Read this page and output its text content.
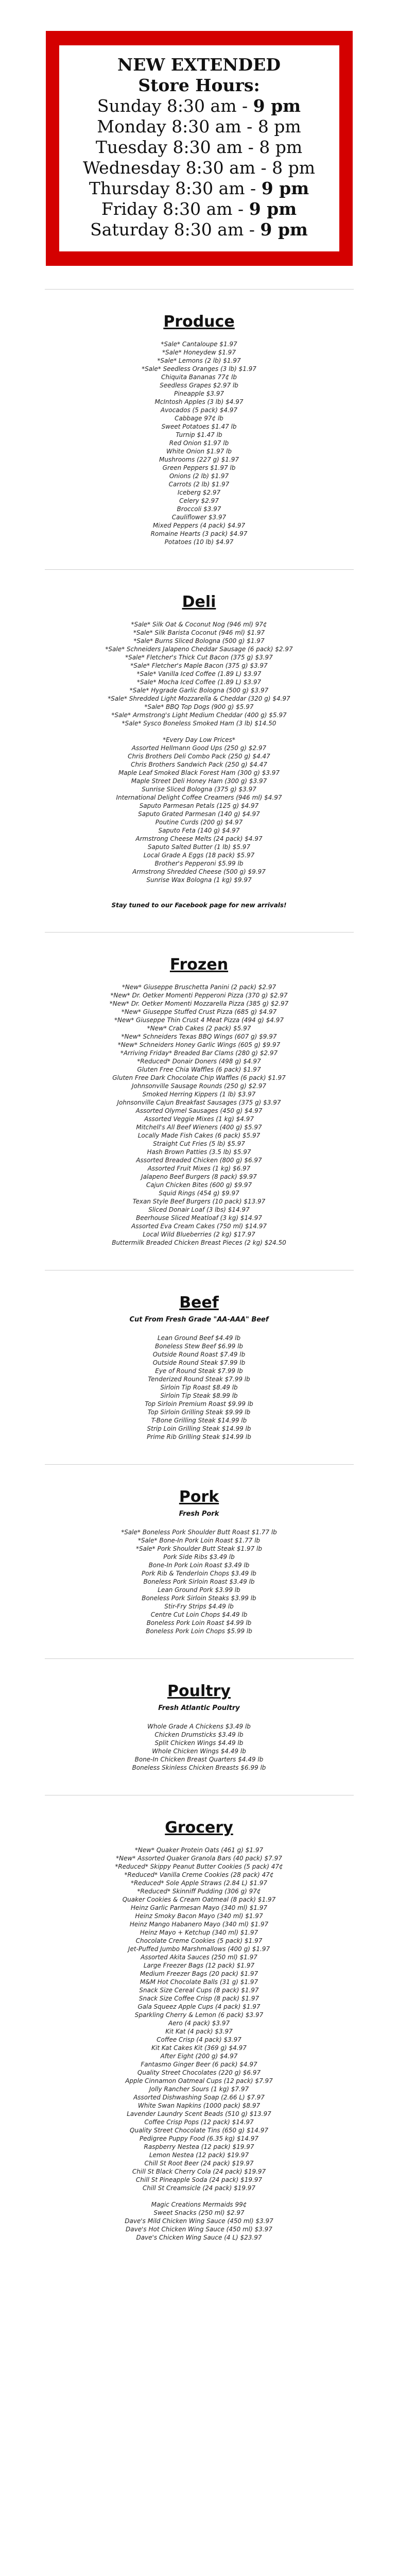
NEW EXTENDED
Store Hours:
Sunday 8:30 am - 9 pm
Monday 8:30 am - 8 pm
Tuesday 8:30 am - 8 pm
Wednesday 8:30 am - 8 pm
Thursday 8:30 am - 9 pm
Friday 8:30 am - 9 pm
Saturday 8:30 am - 9 pm
Produce
*Sale* Cantaloupe $1.97
*Sale* Honeydew $1.97
*Sale* Lemons (2 lb) $1.97
*Sale* Seedless Oranges (3 lb) $1.97
Chiquita Bananas 77¢ lb
Seedless Grapes $2.97 lb
Pineapple $3.97
McIntosh Apples (3 lb) $4.97
Avocados (5 pack) $4.97
Cabbage 97¢ lb
Sweet Potatoes $1.47 lb
Turnip $1.47 lb
Red Onion $1.97 lb
White Onion $1.97 lb
Mushrooms (227 g) $1.97
Green Peppers $1.97 lb
Onions (2 lb) $1.97
Carrots (2 lb) $1.97
Iceberg $2.97
Celery $2.97
Broccoli $3.97
Cauliflower $3.97
Mixed Peppers (4 pack) $4.97
Romaine Hearts (3 pack) $4.97
Potatoes (10 lb) $4.97
Deli
*Sale* Silk Oat & Coconut Nog (946 ml) 97¢
*Sale* Silk Barista Coconut (946 ml) $1.97
*Sale* Burns Sliced Bologna (500 g) $1.97
*Sale* Schneiders Jalapeno Cheddar Sausage (6 pack) $2.97
*Sale* Fletcher's Thick Cut Bacon (375 g) $3.97
*Sale* Fletcher's Maple Bacon (375 g) $3.97
*Sale* Vanilla Iced Coffee (1.89 L) $3.97
*Sale* Mocha Iced Coffee (1.89 L) $3.97
*Sale* Hygrade Garlic Bologna (500 g) $3.97
*Sale* Shredded Light Mozzarella & Cheddar (320 g) $4.97
*Sale* BBQ Top Dogs (900 g) $5.97
*Sale* Armstrong's Light Medium Cheddar (400 g) $5.97
*Sale* Sysco Boneless Smoked Ham (3 lb) $14.50
*Every Day Low Prices*
Assorted Hellmann Good Ups (250 g) $2.97
Chris Brothers Deli Combo Pack (250 g) $4.47
Chris Brothers Sandwich Pack (250 g) $4.47
Maple Leaf Smoked Black Forest Ham (300 g) $3.97
Maple Street Deli Honey Ham (300 g) $3.97
Sunrise Sliced Bologna (375 g) $3.97
International Delight Coffee Creamers (946 ml) $4.97
Saputo Parmesan Petals (125 g) $4.97
Saputo Grated Parmesan (140 g) $4.97
Poutine Curds (200 g) $4.97
Saputo Feta (140 g) $4.97
Armstrong Cheese Melts (24 pack) $4.97
Saputo Salted Butter (1 lb) $5.97
Local Grade A Eggs (18 pack) $5.97
Brother's Pepperoni $5.99 lb
Armstrong Shredded Cheese (500 g) $9.97
Sunrise Wax Bologna (1 kg) $9.97
Stay tuned to our Facebook page for new arrivals!
Frozen
*New* Giuseppe Bruschetta Panini (2 pack) $2.97
*New* Dr. Oetker Momenti Pepperoni Pizza (370 g) $2.97
*New* Dr. Oetker Momenti Mozzarella Pizza (385 g) $2.97
*New* Giuseppe Stuffed Crust Pizza (685 g) $4.97
*New* Giuseppe Thin Crust 4 Meat Pizza (494 g) $4.97
*New* Crab Cakes (2 pack) $5.97
*New* Schneiders Texas BBQ Wings (607 g) $9.97
*New* Schneiders Honey Garlic Wings (605 g) $9.97
*Arriving Friday* Breaded Bar Clams (280 g) $2.97
*Reduced* Donair Doners (498 g) $4.97
Gluten Free Chia Waffles (6 pack) $1.97
Gluten Free Dark Chocolate Chip Waffles (6 pack) $1.97
Johnsonville Sausage Rounds (250 g) $2.97
Smoked Herring Kippers (1 lb) $3.97
Johnsonville Cajun Breakfast Sausages (375 g) $3.97
Assorted Olymel Sausages (450 g) $4.97
Assorted Veggie Mixes (1 kg) $4.97
Mitchell's All Beef Wieners (400 g) $5.97
Locally Made Fish Cakes (6 pack) $5.97
Straight Cut Fries (5 lb) $5.97
Hash Brown Patties (3.5 lb) $5.97
Assorted Breaded Chicken (800 g) $6.97
Assorted Fruit Mixes (1 kg) $6.97
Jalapeno Beef Burgers (8 pack) $9.97
Cajun Chicken Bites (600 g) $9.97
Squid Rings (454 g) $9.97
Texan Style Beef Burgers (10 pack) $13.97
Sliced Donair Loaf (3 lbs) $14.97
Beerhouse Sliced Meatloaf (3 kg) $14.97
Assorted Eva Cream Cakes (750 ml) $14.97
Local Wild Blueberries (2 kg) $17.97
Buttermilk Breaded Chicken Breast Pieces (2 kg) $24.50
Beef
Cut From Fresh Grade "AA-AAA" Beef
Lean Ground Beef $4.49 lb
Boneless Stew Beef $6.99 lb
Outside Round Roast $7.49 lb
Outside Round Steak $7.99 lb
Eye of Round Steak $7.99 lb
Tenderized Round Steak $7.99 lb
Sirloin Tip Roast $8.49 lb
Sirloin Tip Steak $8.99 lb
Top Sirloin Premium Roast $9.99 lb
Top Sirloin Grilling Steak $9.99 lb
T-Bone Grilling Steak $14.99 lb
Strip Loin Grilling Steak $14.99 lb
Prime Rib Grilling Steak $14.99 lb
Pork
Fresh Pork
*Sale* Boneless Pork Shoulder Butt Roast $1.77 lb
*Sale* Bone-In Pork Loin Roast $1.77 lb
*Sale* Pork Shoulder Butt Steak $1.97 lb
Pork Side Ribs $3.49 lb
Bone-In Pork Loin Roast $3.49 lb
Pork Rib & Tenderloin Chops $3.49 lb
Boneless Pork Sirloin Roast $3.49 lb
Lean Ground Pork $3.99 lb
Boneless Pork Sirloin Steaks $3.99 lb
Stir-Fry Strips $4.49 lb
Centre Cut Loin Chops $4.49 lb
Boneless Pork Loin Roast $4.99 lb
Boneless Pork Loin Chops $5.99 lb
Poultry
Fresh Atlantic Poultry
Whole Grade A Chickens $3.49 lb
Chicken Drumsticks $3.49 lb
Split Chicken Wings $4.49 lb
Whole Chicken Wings $4.49 lb
Bone-In Chicken Breast Quarters $4.49 lb
Boneless Skinless Chicken Breasts $6.99 lb
Grocery
*New* Quaker Protein Oats (461 g) $1.97
*New* Assorted Quaker Granola Bars (40 pack) $7.97
*Reduced* Skippy Peanut Butter Cookies (5 pack) 47¢
*Reduced* Vanilla Creme Cookies (28 pack) 47¢
*Reduced* Sole Apple Straws (2.84 L) $1.97
*Reduced* Skinniff Pudding (306 g) 97¢
Quaker Cookies & Cream Oatmeal (8 pack) $1.97
Heinz Garlic Parmesan Mayo (340 ml) $1.97
Heinz Smoky Bacon Mayo (340 ml) $1.97
Heinz Mango Habanero Mayo (340 ml) $1.97
Heinz Mayo + Ketchup (340 ml) $1.97
Chocolate Creme Cookies (5 pack) $1.97
Jet-Puffed Jumbo Marshmallows (400 g) $1.97
Assorted Akita Sauces (250 ml) $1.97
Large Freezer Bags (12 pack) $1.97
Medium Freezer Bags (20 pack) $1.97
M&M Hot Chocolate Balls (31 g) $1.97
Snack Size Cereal Cups (8 pack) $1.97
Snack Size Coffee Crisp (8 pack) $1.97
Gala Squeez Apple Cups (4 pack) $1.97
Sparkling Cherry & Lemon (6 pack) $3.97
Aero (4 pack) $3.97
Kit Kat (4 pack) $3.97
Coffee Crisp (4 pack) $3.97
Kit Kat Cakes Kit (369 g) $4.97
After Eight (200 g) $4.97
Fantasmo Ginger Beer (6 pack) $4.97
Quality Street Chocolates (220 g) $6.97
Apple Cinnamon Oatmeal Cups (12 pack) $7.97
Jolly Rancher Sours (1 kg) $7.97
Assorted Dishwashing Soap (2.66 L) $7.97
White Swan Napkins (1000 pack) $8.97
Lavender Laundry Scent Beads (510 g) $13.97
Coffee Crisp Pops (12 pack) $14.97
Quality Street Chocolate Tins (650 g) $14.97
Pedigree Puppy Food (6.35 kg) $14.97
Raspberry Nestea (12 pack) $19.97
Lemon Nestea (12 pack) $19.97
Chill St Root Beer (24 pack) $19.97
Chill St Black Cherry Cola (24 pack) $19.97
Chill St Pineapple Soda (24 pack) $19.97
Chill St Creamsicle (24 pack) $19.97
Magic Creations Mermaids 99¢
Sweet Snacks (250 ml) $2.97
Dave's Mild Chicken Wing Sauce (450 ml) $3.97
Dave's Hot Chicken Wing Sauce (450 ml) $3.97
Dave's Chicken Wing Sauce (4 L) $23.97
